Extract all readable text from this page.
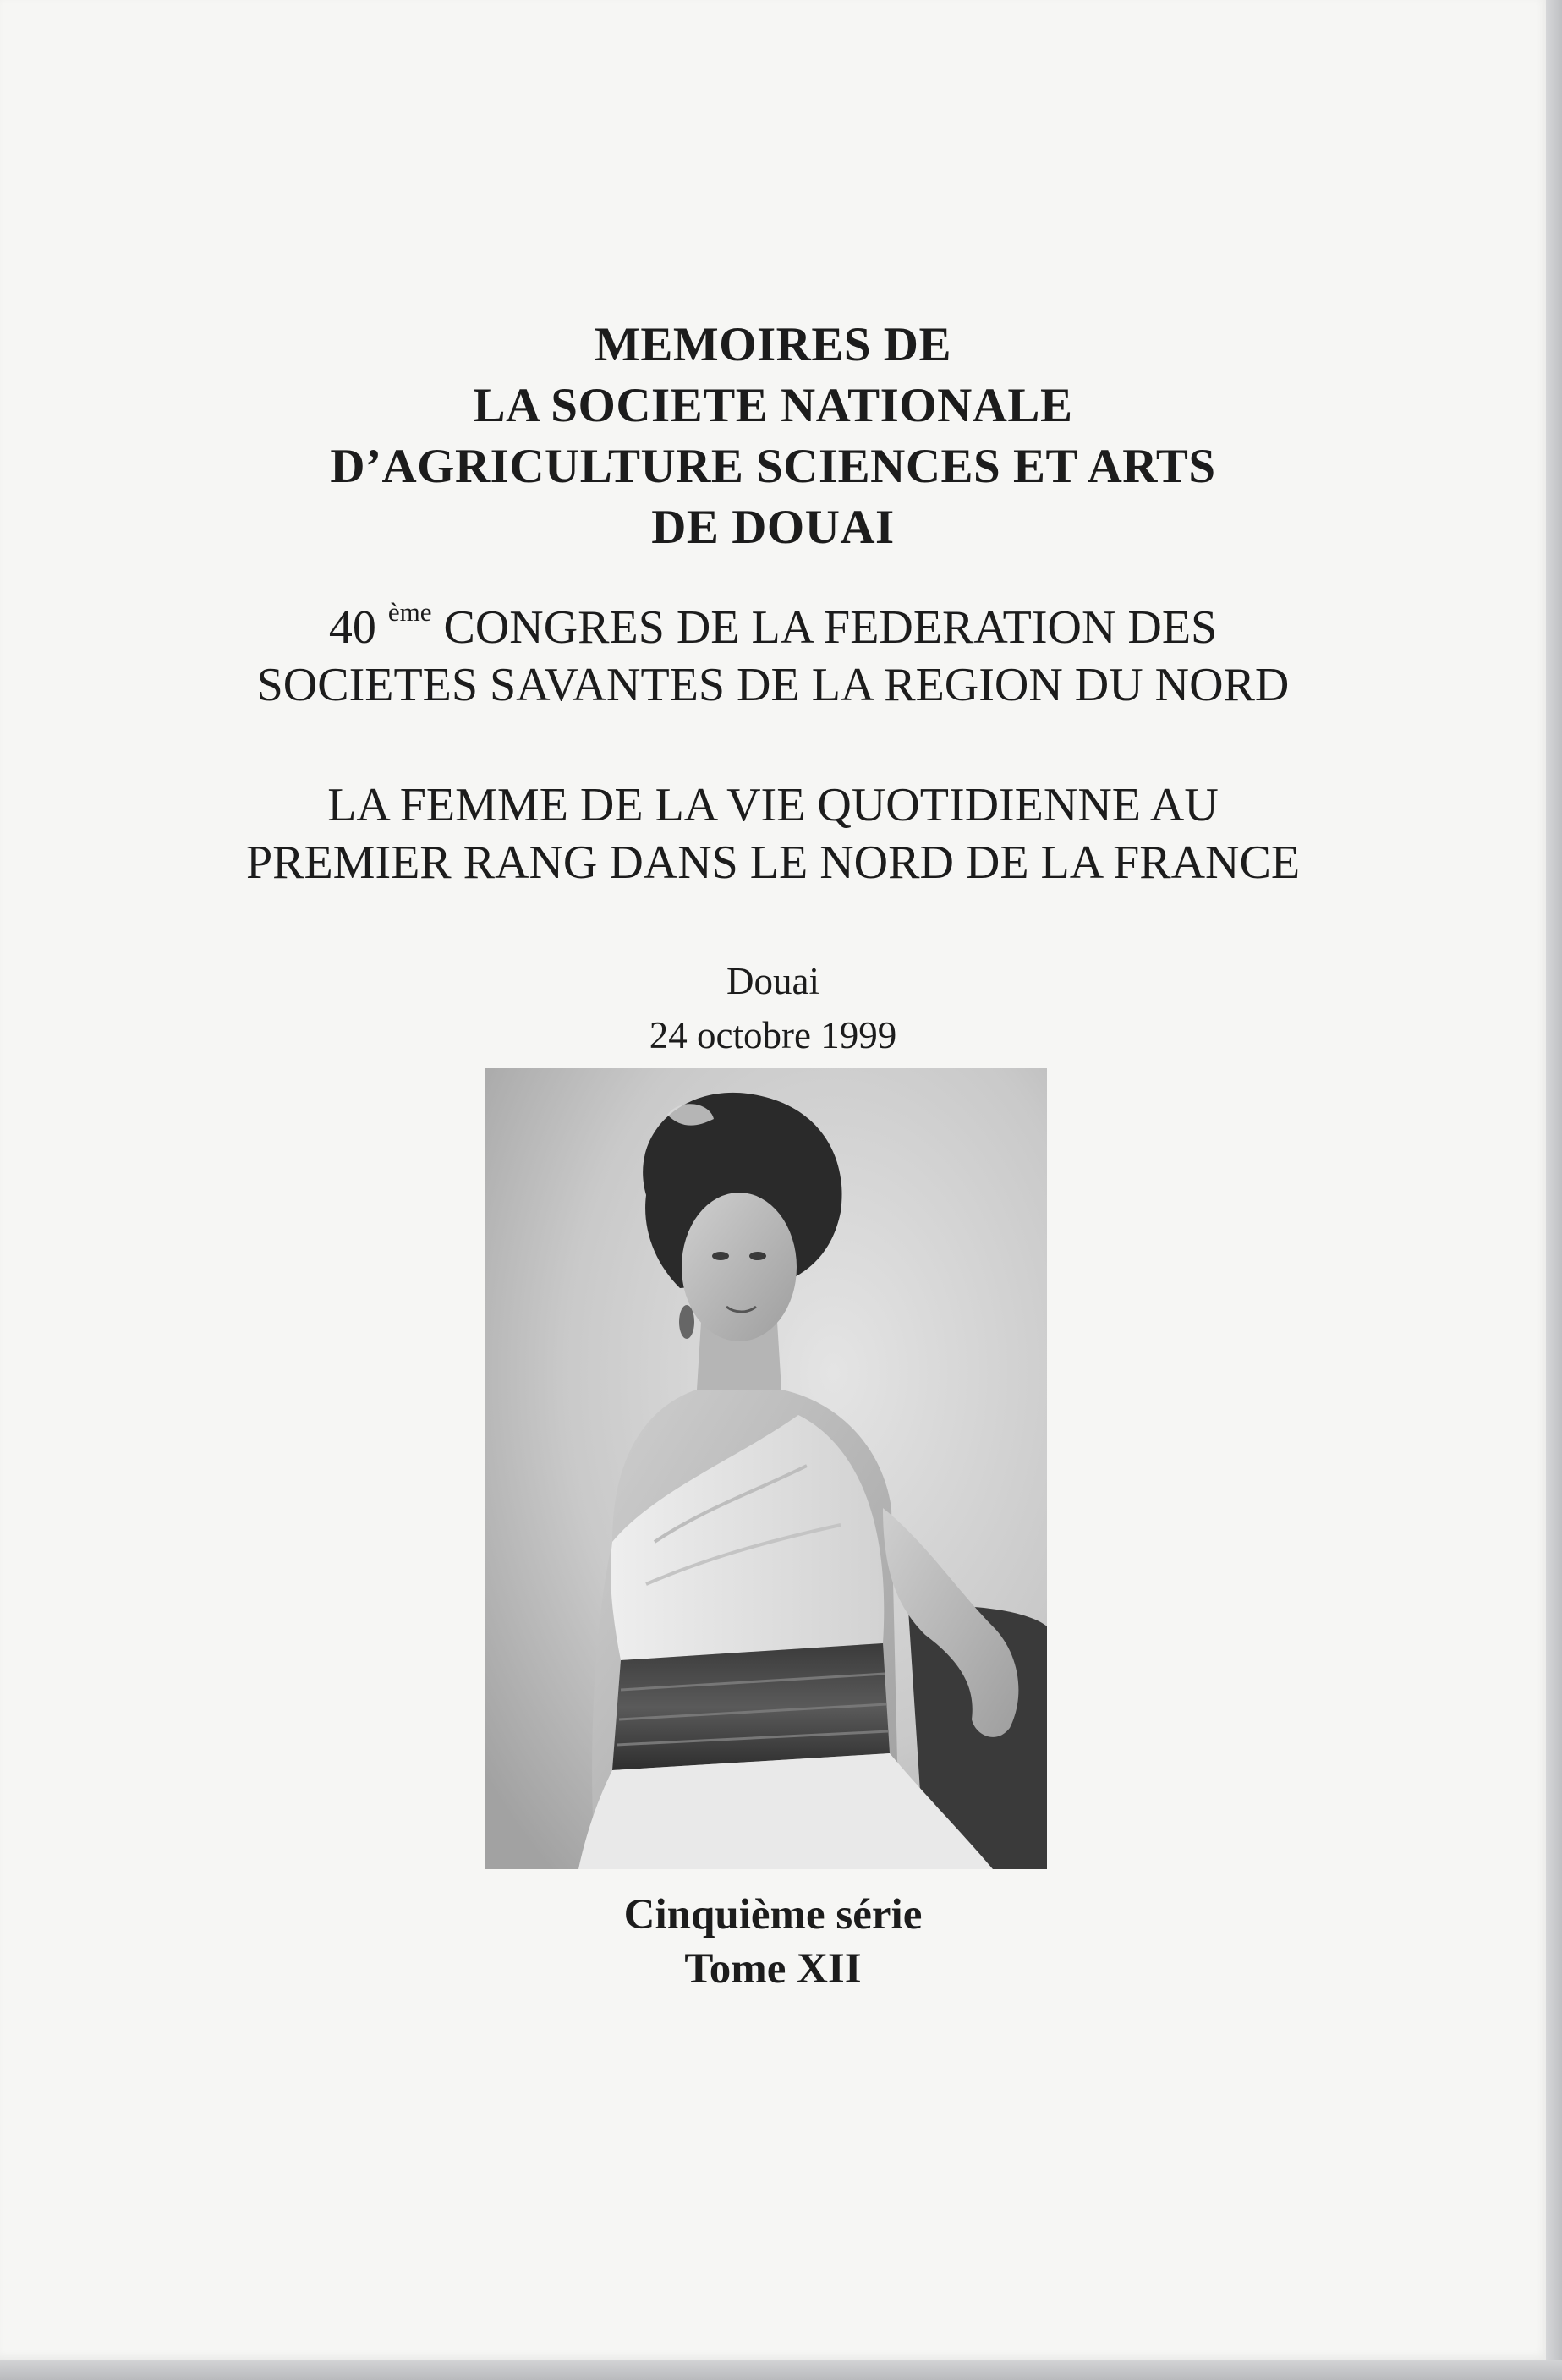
MEMOIRES DE
LA SOCIETE NATIONALE
D’AGRICULTURE SCIENCES ET ARTS
DE DOUAI
40 $^{ème}$ CONGRES DE LA FEDERATION DES
SOCIETES SAVANTES DE LA REGION DU NORD
LA FEMME DE LA VIE QUOTIDIENNE AU
PREMIER RANG DANS LE NORD DE LA FRANCE
Douai
24 octobre 1999
Cinquième série
Tome XII
